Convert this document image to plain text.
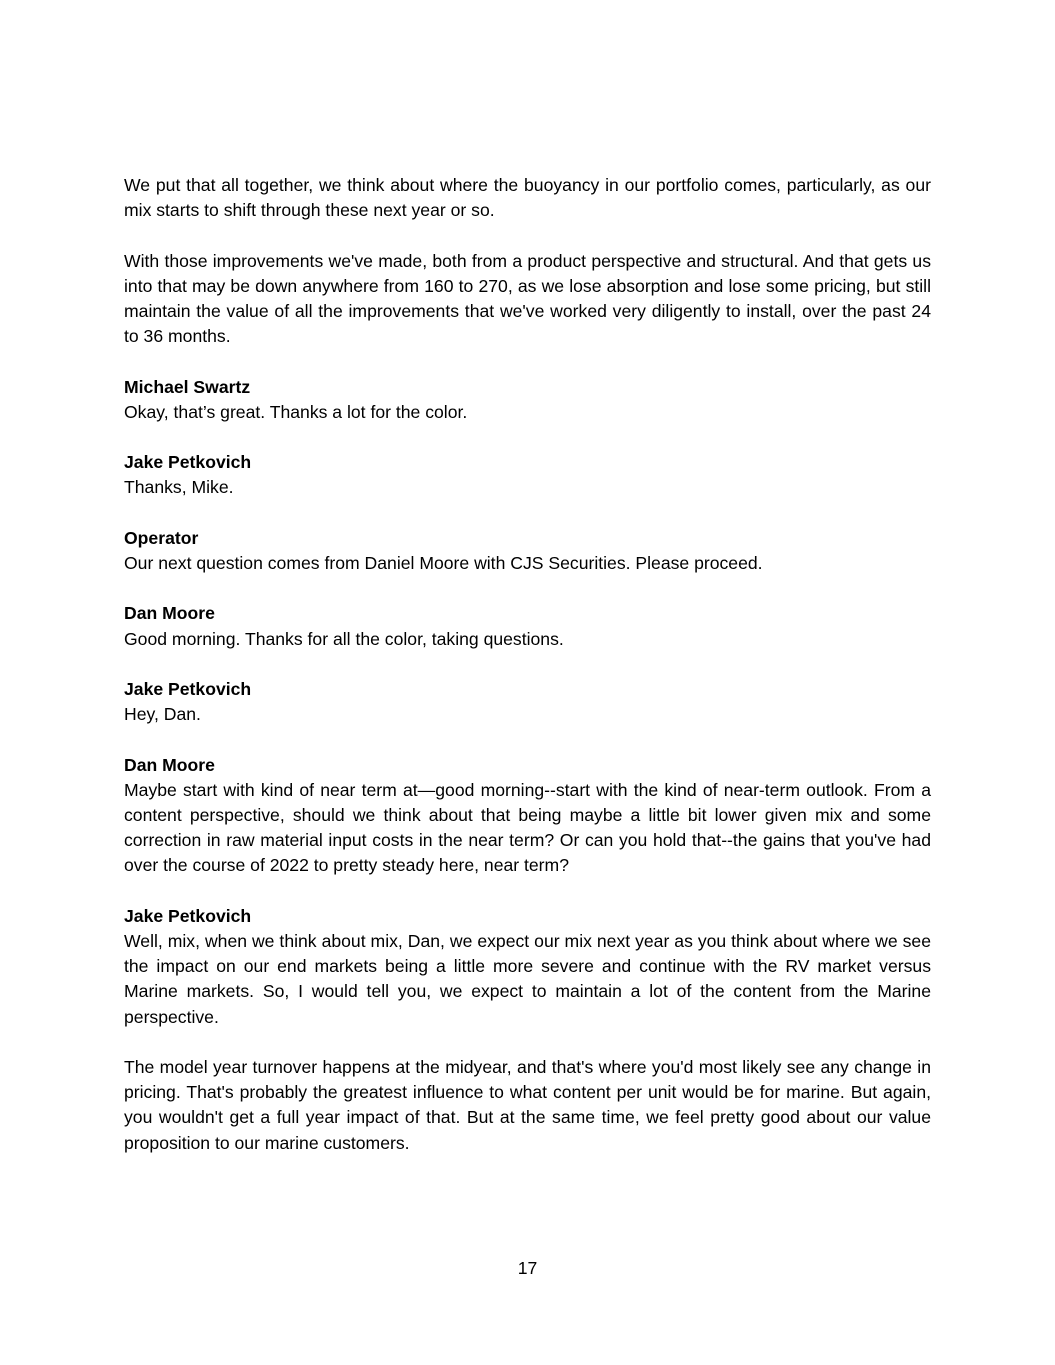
We put that all together, we think about where the buoyancy in our portfolio comes, particularly, as our mix starts to shift through these next year or so.

With those improvements we've made, both from a product perspective and structural. And that gets us into that may be down anywhere from 160 to 270, as we lose absorption and lose some pricing, but still maintain the value of all the improvements that we've worked very diligently to install, over the past 24 to 36 months.

Michael Swartz
Okay, that’s great. Thanks a lot for the color.
Jake Petkovich
Thanks, Mike.
Operator
Our next question comes from Daniel Moore with CJS Securities. Please proceed.
Dan Moore
Good morning. Thanks for all the color, taking questions.
Jake Petkovich
Hey, Dan.
Dan Moore
Maybe start with kind of near term at—good morning--start with the kind of near-term outlook. From a content perspective, should we think about that being maybe a little bit lower given mix and some correction in raw material input costs in the near term? Or can you hold that--the gains that you've had over the course of 2022 to pretty steady here, near term?
Jake Petkovich
Well, mix, when we think about mix, Dan, we expect our mix next year as you think about where we see the impact on our end markets being a little more severe and continue with the RV market versus Marine markets. So, I would tell you, we expect to maintain a lot of the content from the Marine perspective.

The model year turnover happens at the midyear, and that's where you'd most likely see any change in pricing. That's probably the greatest influence to what content per unit would be for marine. But again, you wouldn't get a full year impact of that. But at the same time, we feel pretty good about our value proposition to our marine customers.

17
